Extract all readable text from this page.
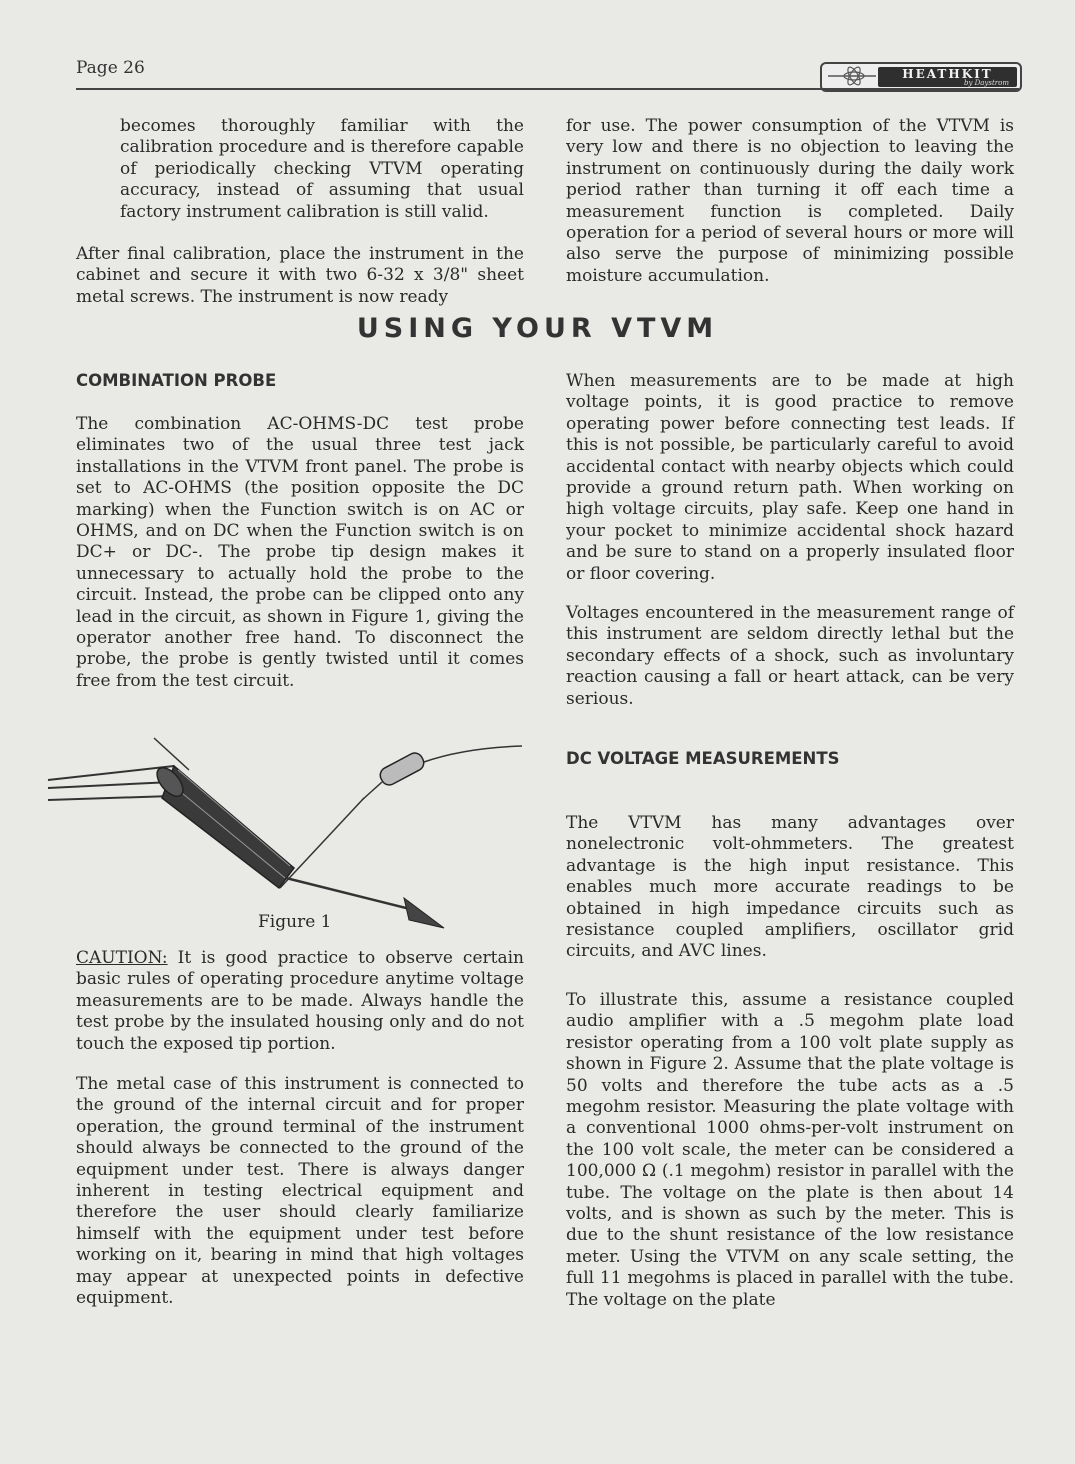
Page 26	HEATHKIT
by Daystrom

becomes thoroughly familiar with the calibration procedure and is therefore capable of periodically checking VTVM operating accuracy, instead of assuming that usual factory instrument calibration is still valid.

After final calibration, place the instrument in the cabinet and secure it with two 6-32 x 3/8" sheet metal screws. The instrument is now ready

for use. The power consumption of the VTVM is very low and there is no objection to leaving the instrument on continuously during the daily work period rather than turning it off each time a measurement function is completed. Daily operation for a period of several hours or more will also serve the purpose of minimizing possible moisture accumulation.

USING YOUR VTVM
COMBINATION PROBE

The combination AC-OHMS-DC test probe eliminates two of the usual three test jack installations in the VTVM front panel. The probe is set to AC-OHMS (the position opposite the DC marking) when the Function switch is on AC or OHMS, and on DC when the Function switch is on DC+ or DC-. The probe tip design makes it unnecessary to actually hold the probe to the circuit. Instead, the probe can be clipped onto any lead in the circuit, as shown in Figure 1, giving the operator another free hand. To disconnect the probe, the probe is gently twisted until it comes free from the test circuit.

Figure 1

CAUTION: It is good practice to observe certain basic rules of operating procedure anytime voltage measurements are to be made. Always handle the test probe by the insulated housing only and do not touch the exposed tip portion.

The metal case of this instrument is connected to the ground of the internal circuit and for proper operation, the ground terminal of the instrument should always be connected to the ground of the equipment under test. There is always danger inherent in testing electrical equipment and therefore the user should clearly familiarize himself with the equipment under test before working on it, bearing in mind that high voltages may appear at unexpected points in defective equipment.

When measurements are to be made at high voltage points, it is good practice to remove operating power before connecting test leads. If this is not possible, be particularly careful to avoid accidental contact with nearby objects which could provide a ground return path. When working on high voltage circuits, play safe. Keep one hand in your pocket to minimize accidental shock hazard and be sure to stand on a properly insulated floor or floor covering.

Voltages encountered in the measurement range of this instrument are seldom directly lethal but the secondary effects of a shock, such as involuntary reaction causing a fall or heart attack, can be very serious.

DC VOLTAGE MEASUREMENTS

The VTVM has many advantages over nonelectronic volt-ohmmeters. The greatest advantage is the high input resistance. This enables much more accurate readings to be obtained in high impedance circuits such as resistance coupled amplifiers, oscillator grid circuits, and AVC lines.

To illustrate this, assume a resistance coupled audio amplifier with a .5 megohm plate load resistor operating from a 100 volt plate supply as shown in Figure 2. Assume that the plate voltage is 50 volts and therefore the tube acts as a .5 megohm resistor. Measuring the plate voltage with a conventional 1000 ohms-per-volt instrument on the 100 volt scale, the meter can be considered a 100,000 Ω (.1 megohm) resistor in parallel with the tube. The voltage on the plate is then about 14 volts, and is shown as such by the meter. This is due to the shunt resistance of the low resistance meter. Using the VTVM on any scale setting, the full 11 megohms is placed in parallel with the tube. The voltage on the plate
